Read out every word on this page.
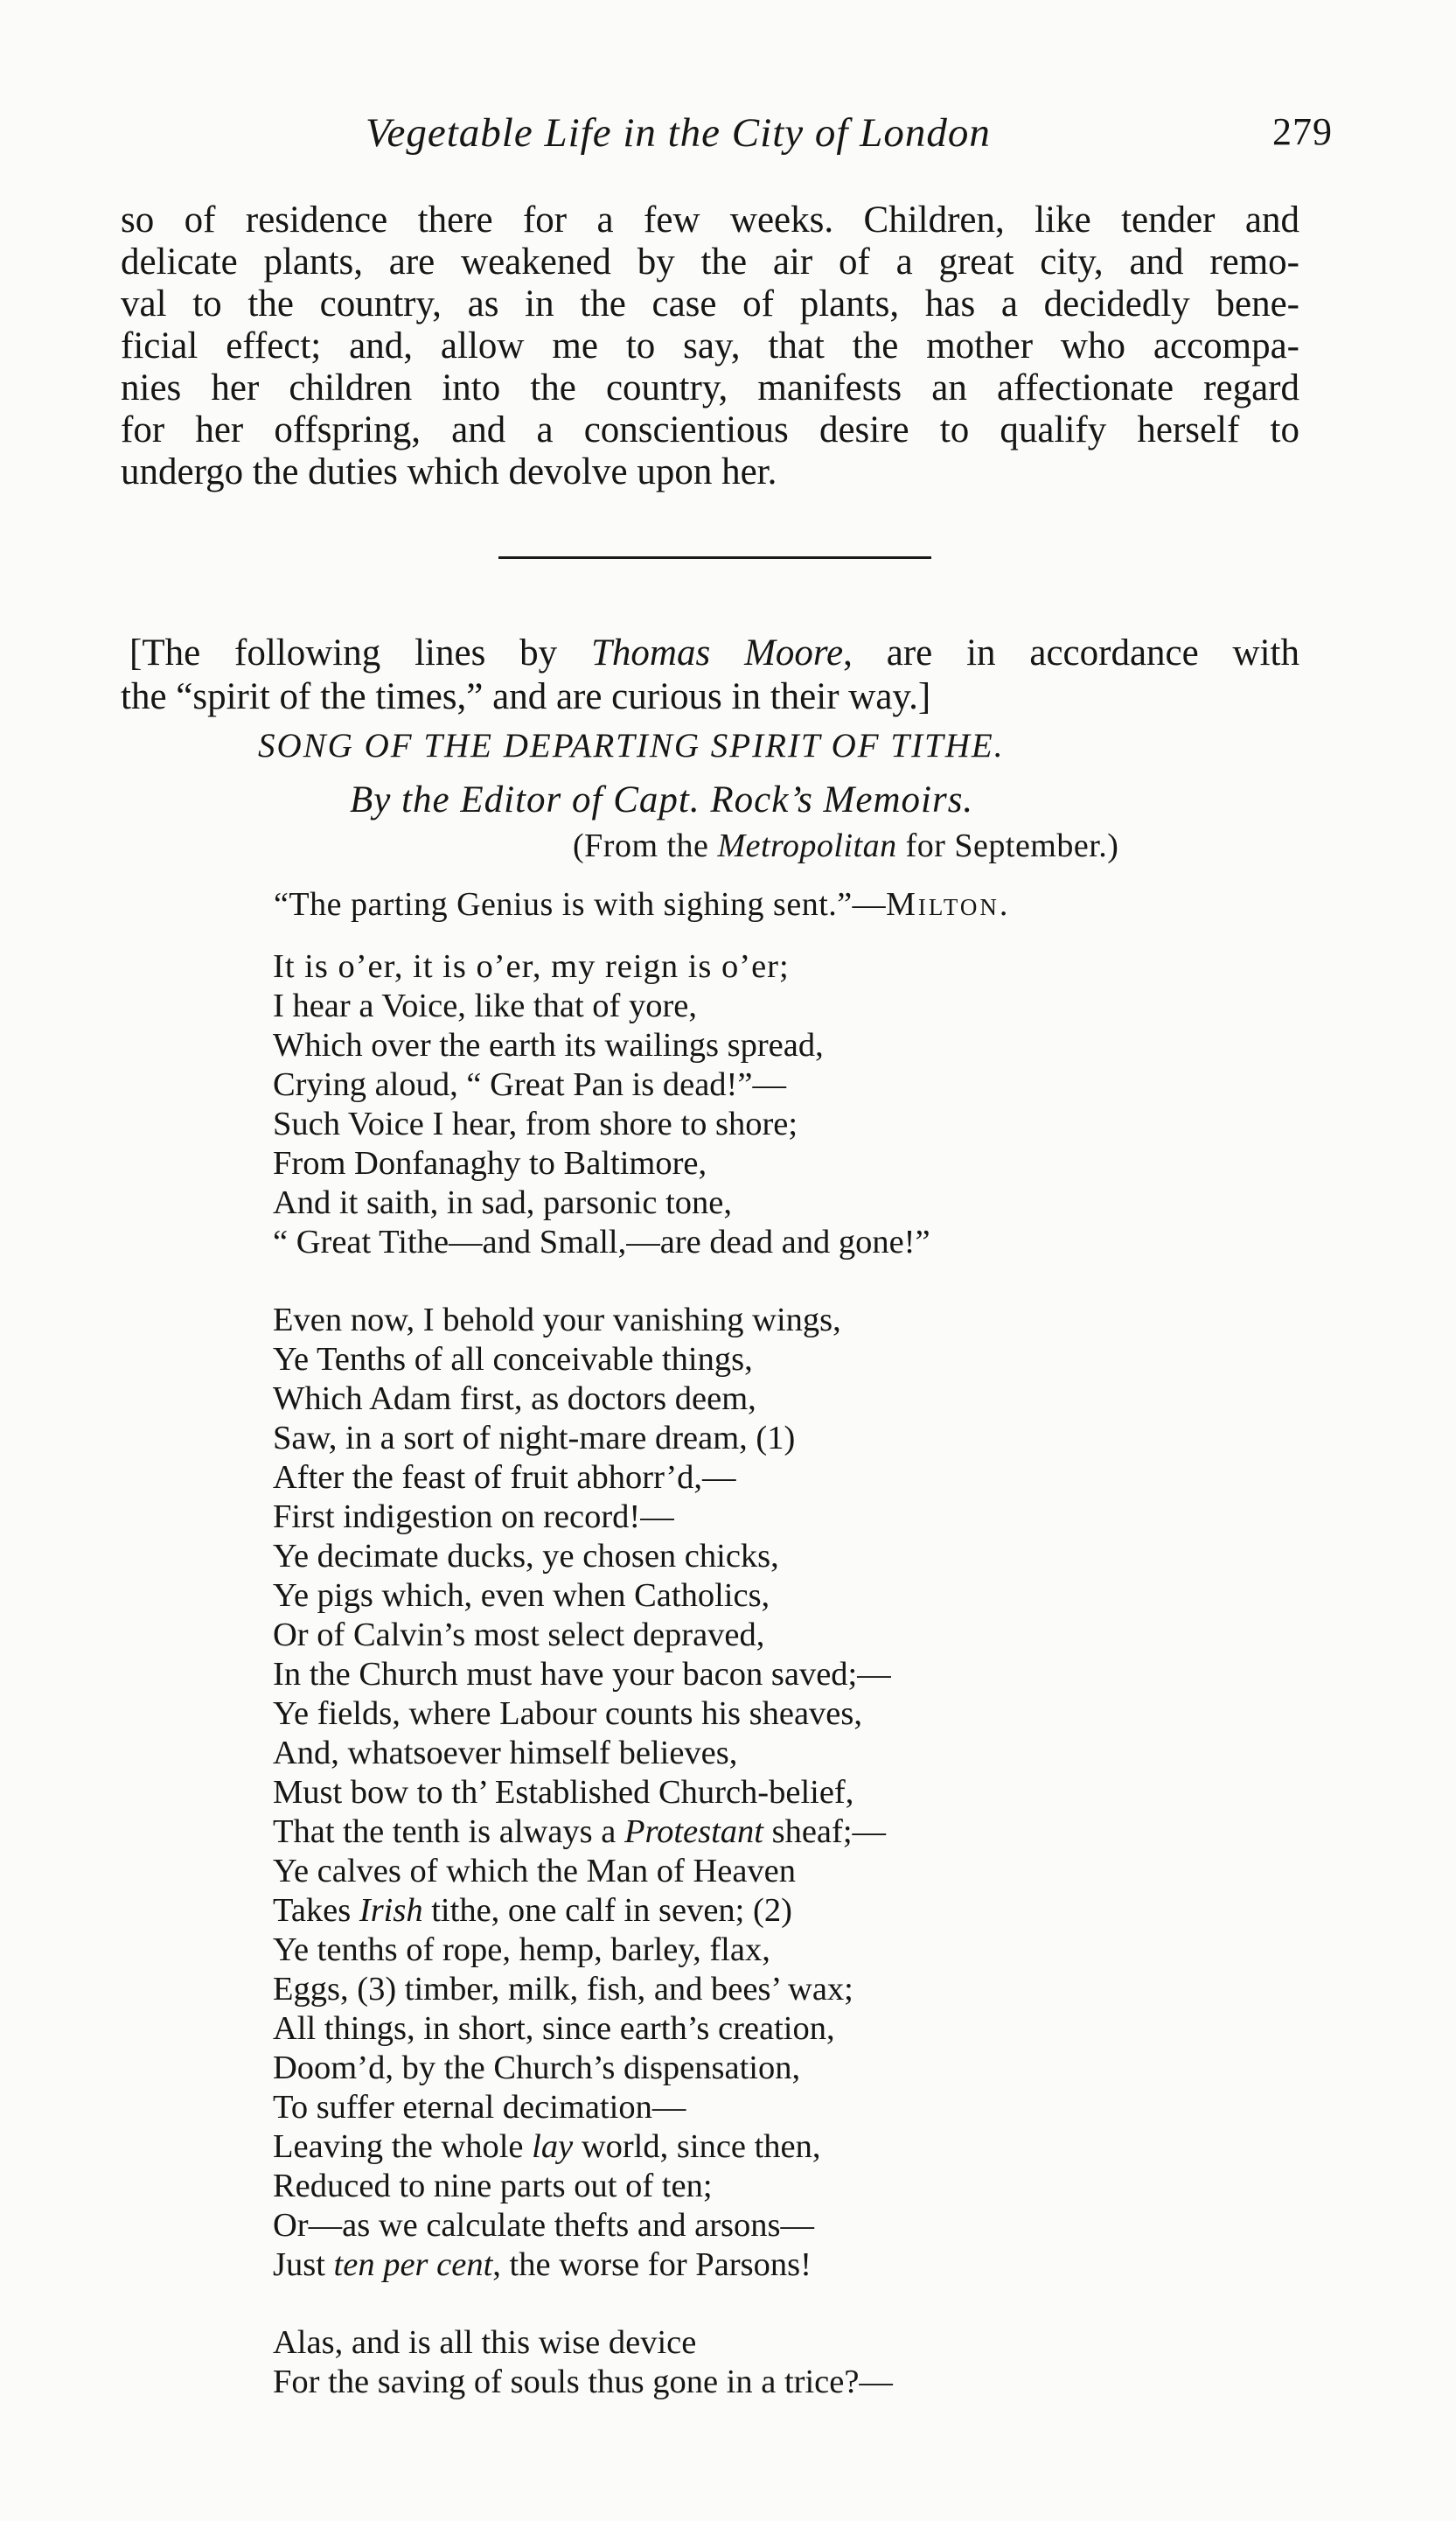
Vegetable Life in the City of London	279
so of residence there for a few weeks. Children, like tender and
delicate plants, are weakened by the air of a great city, and remo-
val to the country, as in the case of plants, has a decidedly bene-
ficial effect; and, allow me to say, that the mother who accompa-
nies her children into the country, manifests an affectionate regard
for her offspring, and a conscientious desire to qualify herself to
undergo the duties which devolve upon her.
[The following lines by Thomas Moore, are in accordance with
the “spirit of the times,” and are curious in their way.]
SONG OF THE DEPARTING SPIRIT OF TITHE.
By the Editor of Capt. Rock’s Memoirs.
(From the Metropolitan for September.)
“The parting Genius is with sighing sent.”—Milton.
It is o’er, it is o’er, my reign is o’er;
I hear a Voice, like that of yore,
Which over the earth its wailings spread,
Crying aloud, “ Great Pan is dead!”—
Such Voice I hear, from shore to shore;
From Donfanaghy to Baltimore,
And it saith, in sad, parsonic tone,
“ Great Tithe—and Small,—are dead and gone!”
Even now, I behold your vanishing wings,
Ye Tenths of all conceivable things,
Which Adam first, as doctors deem,
Saw, in a sort of night-mare dream, (1)
After the feast of fruit abhorr’d,—
First indigestion on record!—
Ye decimate ducks, ye chosen chicks,
Ye pigs which, even when Catholics,
Or of Calvin’s most select depraved,
In the Church must have your bacon saved;—
Ye fields, where Labour counts his sheaves,
And, whatsoever himself believes,
Must bow to th’ Established Church-belief,
That the tenth is always a Protestant sheaf;—
Ye calves of which the Man of Heaven
Takes Irish tithe, one calf in seven; (2)
Ye tenths of rope, hemp, barley, flax,
Eggs, (3) timber, milk, fish, and bees’ wax;
All things, in short, since earth’s creation,
Doom’d, by the Church’s dispensation,
To suffer eternal decimation—
Leaving the whole lay world, since then,
Reduced to nine parts out of ten;
Or—as we calculate thefts and arsons—
Just ten per cent, the worse for Parsons!
Alas, and is all this wise device
For the saving of souls thus gone in a trice?—
